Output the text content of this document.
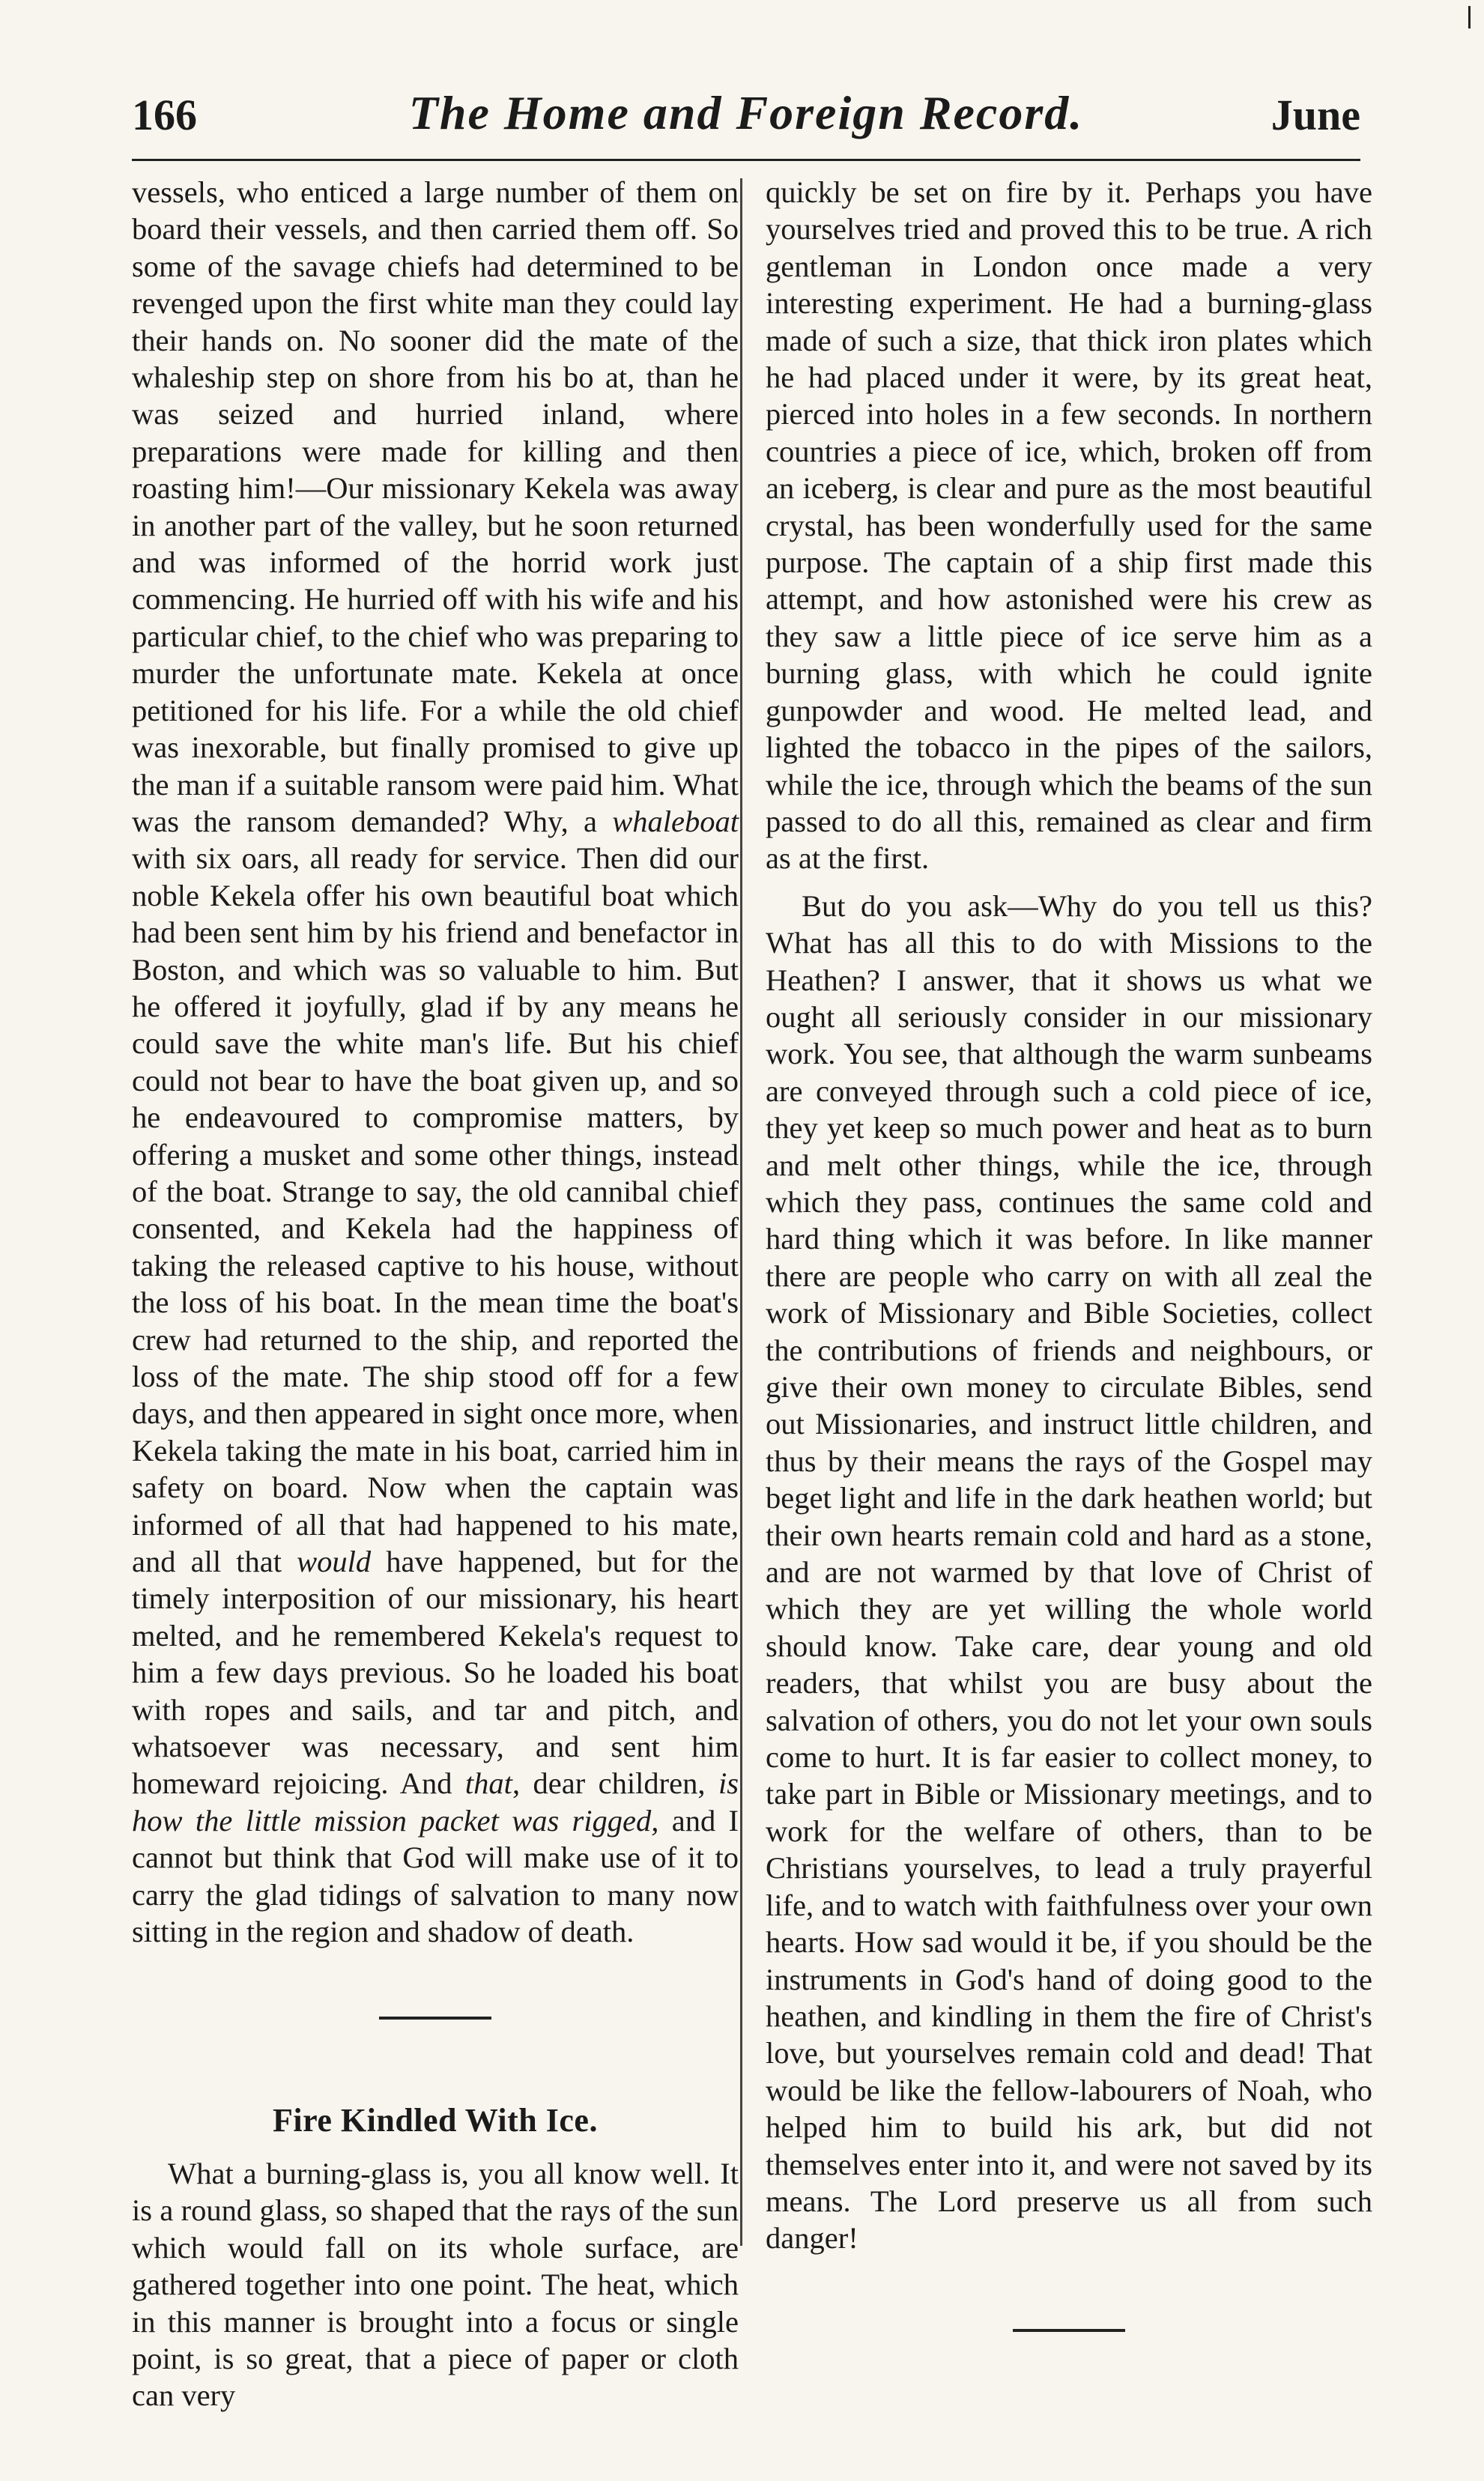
166	The Home and Foreign Record.	June

vessels, who enticed a large number of them on board their vessels, and then carried them off. So some of the savage chiefs had determined to be revenged upon the first white man they could lay their hands on. No sooner did the mate of the whaleship step on shore from his bo at, than he was seized and hurried inland, where preparations were made for killing and then roasting him!—Our missionary Kekela was away in another part of the valley, but he soon returned and was informed of the horrid work just commencing. He hurried off with his wife and his particular chief, to the chief who was preparing to murder the unfortunate mate. Kekela at once petitioned for his life. For a while the old chief was inexorable, but finally promised to give up the man if a suitable ransom were paid him. What was the ransom demanded? Why, a whaleboat with six oars, all ready for service. Then did our noble Kekela offer his own beautiful boat which had been sent him by his friend and benefactor in Boston, and which was so valuable to him. But he offered it joyfully, glad if by any means he could save the white man's life. But his chief could not bear to have the boat given up, and so he endeavoured to compromise matters, by offering a musket and some other things, instead of the boat. Strange to say, the old cannibal chief consented, and Kekela had the happiness of taking the released captive to his house, without the loss of his boat. In the mean time the boat's crew had returned to the ship, and reported the loss of the mate. The ship stood off for a few days, and then appeared in sight once more, when Kekela taking the mate in his boat, carried him in safety on board. Now when the captain was informed of all that had happened to his mate, and all that would have happened, but for the timely interposition of our missionary, his heart melted, and he remembered Kekela's request to him a few days previous. So he loaded his boat with ropes and sails, and tar and pitch, and whatsoever was necessary, and sent him homeward rejoicing. And that, dear children, is how the little mission packet was rigged, and I cannot but think that God will make use of it to carry the glad tidings of salvation to many now sitting in the region and shadow of death.

Fire Kindled With Ice.

What a burning-glass is, you all know well. It is a round glass, so shaped that the rays of the sun which would fall on its whole surface, are gathered together into one point. The heat, which in this manner is brought into a focus or single point, is so great, that a piece of paper or cloth can very

quickly be set on fire by it. Perhaps you have yourselves tried and proved this to be true. A rich gentleman in London once made a very interesting experiment. He had a burning-glass made of such a size, that thick iron plates which he had placed under it were, by its great heat, pierced into holes in a few seconds. In northern countries a piece of ice, which, broken off from an iceberg, is clear and pure as the most beautiful crystal, has been wonderfully used for the same purpose. The captain of a ship first made this attempt, and how astonished were his crew as they saw a little piece of ice serve him as a burning glass, with which he could ignite gunpowder and wood. He melted lead, and lighted the tobacco in the pipes of the sailors, while the ice, through which the beams of the sun passed to do all this, remained as clear and firm as at the first.

But do you ask—Why do you tell us this? What has all this to do with Missions to the Heathen? I answer, that it shows us what we ought all seriously consider in our missionary work. You see, that although the warm sunbeams are conveyed through such a cold piece of ice, they yet keep so much power and heat as to burn and melt other things, while the ice, through which they pass, continues the same cold and hard thing which it was before. In like manner there are people who carry on with all zeal the work of Missionary and Bible Societies, collect the contributions of friends and neighbours, or give their own money to circulate Bibles, send out Missionaries, and instruct little children, and thus by their means the rays of the Gospel may beget light and life in the dark heathen world; but their own hearts remain cold and hard as a stone, and are not warmed by that love of Christ of which they are yet willing the whole world should know. Take care, dear young and old readers, that whilst you are busy about the salvation of others, you do not let your own souls come to hurt. It is far easier to collect money, to take part in Bible or Missionary meetings, and to work for the welfare of others, than to be Christians yourselves, to lead a truly prayerful life, and to watch with faithfulness over your own hearts. How sad would it be, if you should be the instruments in God's hand of doing good to the heathen, and kindling in them the fire of Christ's love, but yourselves remain cold and dead! That would be like the fellow-labourers of Noah, who helped him to build his ark, but did not themselves enter into it, and were not saved by its means. The Lord preserve us all from such danger!
